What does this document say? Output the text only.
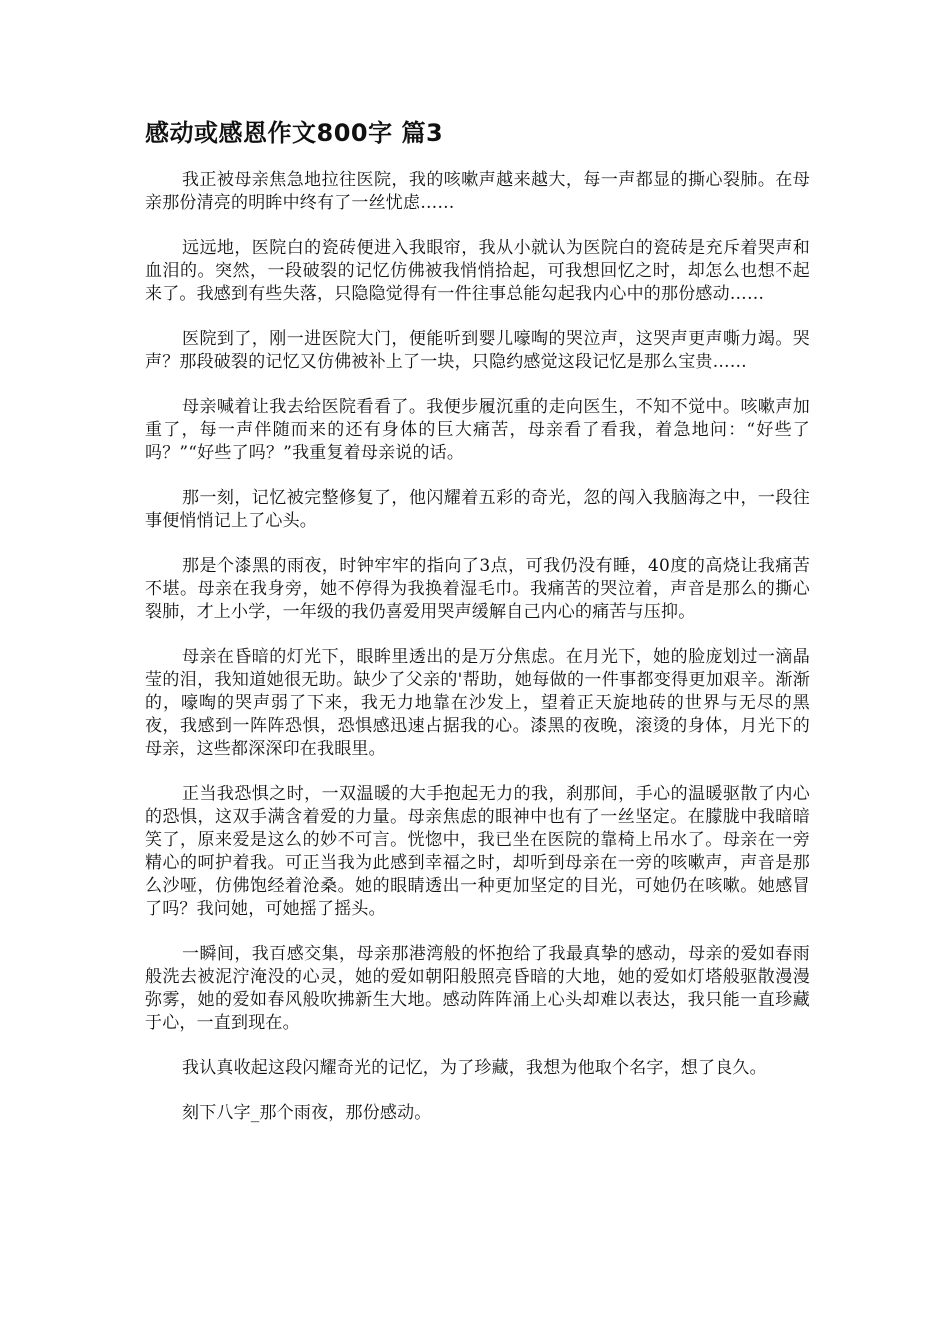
感动或感恩作文800字 篇3

我正被母亲焦急地拉往医院，我的咳嗽声越来越大，每一声都显的撕心裂肺。在母亲那份清亮的明眸中终有了一丝忧虑……

远远地，医院白的瓷砖便进入我眼帘，我从小就认为医院白的瓷砖是充斥着哭声和血泪的。突然，一段破裂的记忆仿佛被我悄悄拾起，可我想回忆之时，却怎么也想不起来了。我感到有些失落，只隐隐觉得有一件往事总能勾起我内心中的那份感动……

医院到了，刚一进医院大门，便能听到婴儿嚎啕的哭泣声，这哭声更声嘶力竭。哭声？那段破裂的记忆又仿佛被补上了一块，只隐约感觉这段记忆是那么宝贵……

母亲喊着让我去给医院看看了。我便步履沉重的走向医生，不知不觉中。咳嗽声加重了，每一声伴随而来的还有身体的巨大痛苦，母亲看了看我，着急地问：“好些了吗？”“好些了吗？”我重复着母亲说的话。

那一刻，记忆被完整修复了，他闪耀着五彩的奇光，忽的闯入我脑海之中，一段往事便悄悄记上了心头。

那是个漆黑的雨夜，时钟牢牢的指向了3点，可我仍没有睡，40度的高烧让我痛苦不堪。母亲在我身旁，她不停得为我换着湿毛巾。我痛苦的哭泣着，声音是那么的撕心裂肺，才上小学，一年级的我仍喜爱用哭声缓解自己内心的痛苦与压抑。

母亲在昏暗的灯光下，眼眸里透出的是万分焦虑。在月光下，她的脸庞划过一滴晶莹的泪，我知道她很无助。缺少了父亲的'帮助，她每做的一件事都变得更加艰辛。渐渐的，嚎啕的哭声弱了下来，我无力地靠在沙发上，望着正天旋地砖的世界与无尽的黑夜，我感到一阵阵恐惧，恐惧感迅速占据我的心。漆黑的夜晚，滚烫的身体，月光下的母亲，这些都深深印在我眼里。

正当我恐惧之时，一双温暖的大手抱起无力的我，刹那间，手心的温暖驱散了内心的恐惧，这双手满含着爱的力量。母亲焦虑的眼神中也有了一丝坚定。在朦胧中我暗暗笑了，原来爱是这么的妙不可言。恍惚中，我已坐在医院的靠椅上吊水了。母亲在一旁精心的呵护着我。可正当我为此感到幸福之时，却听到母亲在一旁的咳嗽声，声音是那么沙哑，仿佛饱经着沧桑。她的眼睛透出一种更加坚定的目光，可她仍在咳嗽。她感冒了吗？我问她，可她摇了摇头。

一瞬间，我百感交集，母亲那港湾般的怀抱给了我最真挚的感动，母亲的爱如春雨般洗去被泥泞淹没的心灵，她的爱如朝阳般照亮昏暗的大地，她的爱如灯塔般驱散漫漫弥雾，她的爱如春风般吹拂新生大地。感动阵阵涌上心头却难以表达，我只能一直珍藏于心，一直到现在。

我认真收起这段闪耀奇光的记忆，为了珍藏，我想为他取个名字，想了良久。

刻下八字_那个雨夜，那份感动。
